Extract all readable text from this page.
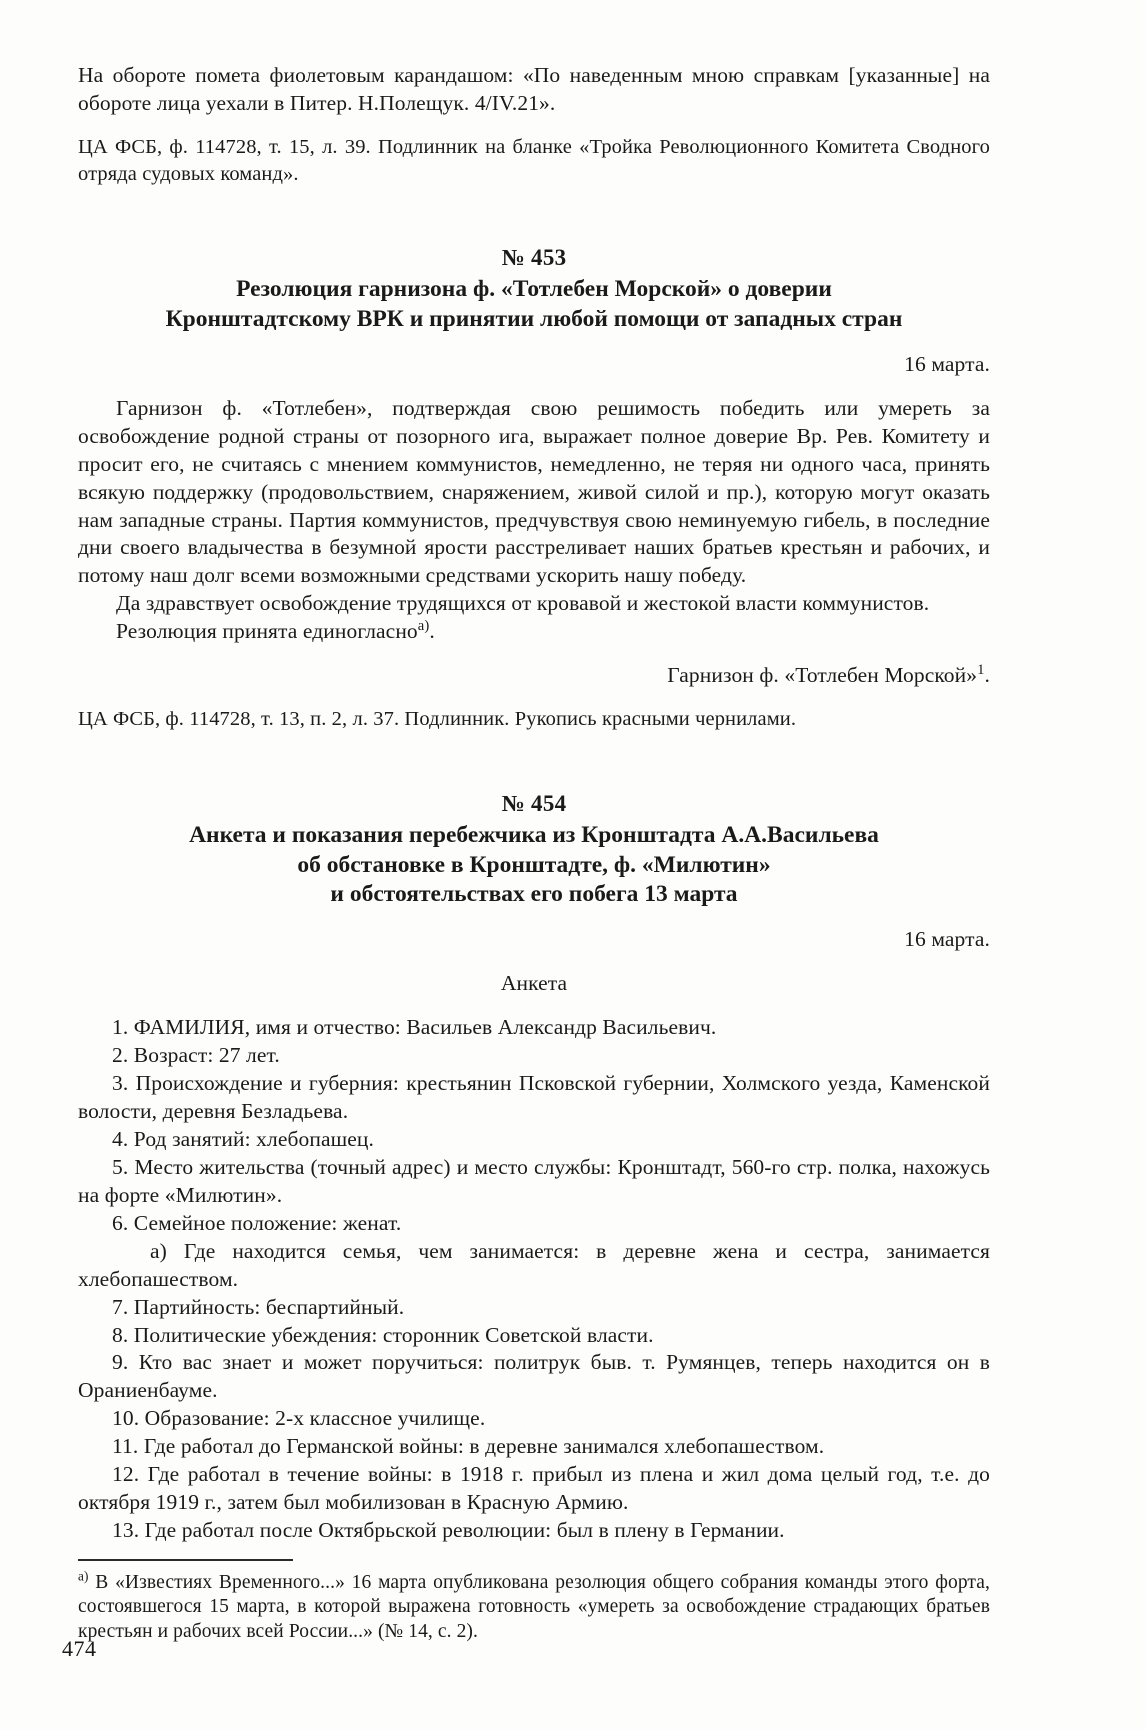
На обороте помета фиолетовым карандашом: «По наведенным мною справкам [указанные] на обороте лица уехали в Питер. Н.Полещук. 4/IV.21».

ЦА ФСБ, ф. 114728, т. 15, л. 39. Подлинник на бланке «Тройка Революционного Комитета Сводного отряда судовых команд».

№ 453
Резолюция гарнизона ф. «Тотлебен Морской» о доверии
Кронштадтскому ВРК и принятии любой помощи от западных стран

16 марта.

Гарнизон ф. «Тотлебен», подтверждая свою решимость победить или умереть за освобождение родной страны от позорного ига, выражает полное доверие Вр. Рев. Комитету и просит его, не считаясь с мнением коммунистов, немедленно, не теряя ни одного часа, принять всякую поддержку (продовольствием, снаряжением, живой силой и пр.), которую могут оказать нам западные страны. Партия коммунистов, предчувствуя свою неминуемую гибель, в последние дни своего владычества в безумной ярости расстреливает наших братьев крестьян и рабочих, и потому наш долг всеми возможными средствами ускорить нашу победу.

Да здравствует освобождение трудящихся от кровавой и жестокой власти коммунистов.

Резолюция принята единогласно$^{а)}$.

Гарнизон ф. «Тотлебен Морской»$^1$.

ЦА ФСБ, ф. 114728, т. 13, п. 2, л. 37. Подлинник. Рукопись красными чернилами.

№ 454
Анкета и показания перебежчика из Кронштадта А.А.Васильева
об обстановке в Кронштадте, ф. «Милютин»
и обстоятельствах его побега 13 марта

16 марта.

Анкета

1. ФАМИЛИЯ, имя и отчество: Васильев Александр Васильевич.

2. Возраст: 27 лет.

3. Происхождение и губерния: крестьянин Псковской губернии, Холмского уезда, Каменской волости, деревня Безладьева.

4. Род занятий: хлебопашец.

5. Место жительства (точный адрес) и место службы: Кронштадт, 560-го стр. полка, нахожусь на форте «Милютин».

6. Семейное положение: женат.

а) Где находится семья, чем занимается: в деревне жена и сестра, занимается хлебопашеством.

7. Партийность: беспартийный.

8. Политические убеждения: сторонник Советской власти.

9. Кто вас знает и может поручиться: политрук быв. т. Румянцев, теперь находится он в Ораниенбауме.

10. Образование: 2-х классное училище.

11. Где работал до Германской войны: в деревне занимался хлебопашеством.

12. Где работал в течение войны: в 1918 г. прибыл из плена и жил дома целый год, т.е. до октября 1919 г., затем был мобилизован в Красную Армию.

13. Где работал после Октябрьской революции: был в плену в Германии.

$^{а)}$ В «Известиях Временного...» 16 марта опубликована резолюция общего собрания команды этого форта, состоявшегося 15 марта, в которой выражена готовность «умереть за освобождение страдающих братьев крестьян и рабочих всей России...» (№ 14, с. 2).

474
